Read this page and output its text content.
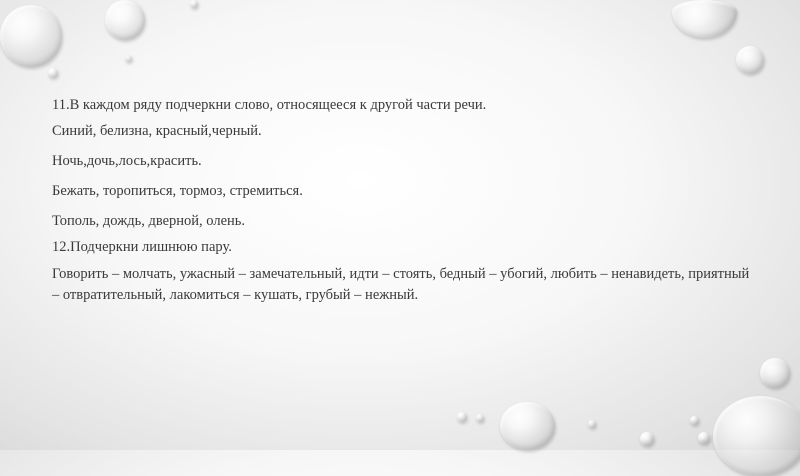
11.В каждом ряду подчеркни слово, относящееся к другой части речи.

Синий, белизна, красный,черный.

Ночь,дочь,лось,красить.

Бежать, торопиться, тормоз, стремиться.

Тополь, дождь, дверной, олень.

12.Подчеркни лишнюю пару.

Говорить – молчать, ужасный – замечательный, идти – стоять, бедный – убогий, любить – ненавидеть, приятный – отвратительный, лакомиться – кушать, грубый – нежный.
